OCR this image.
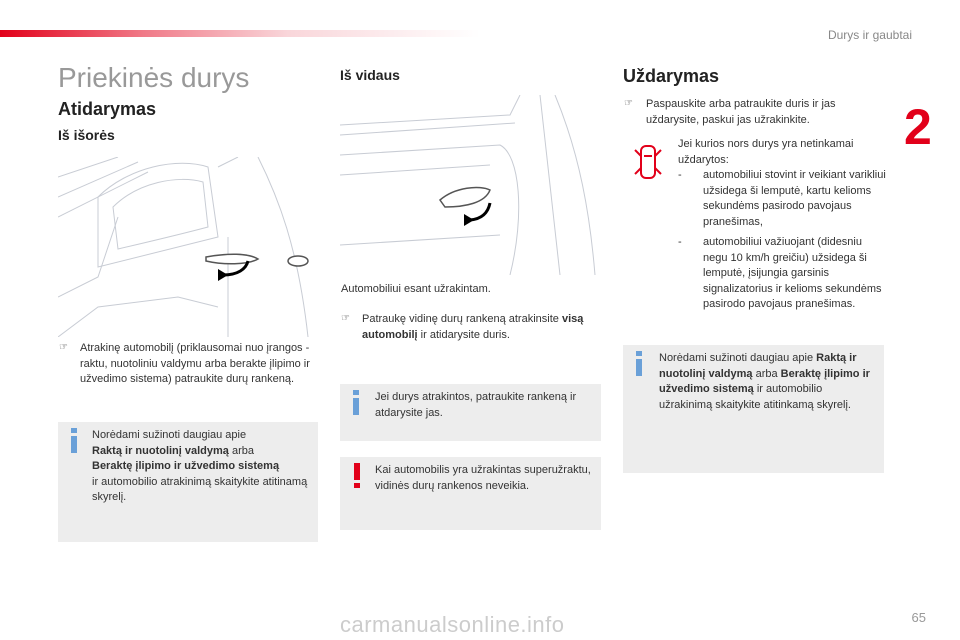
Durys ir gaubtai
2
Priekinės durys
Atidarymas
Iš išorės
☞ Atrakinę automobilį (priklausomai nuo įrangos - raktu, nuotoliniu valdymu arba berakte įlipimo ir užvedimo sistema) patraukite durų rankeną.
Norėdami sužinoti daugiau apie
Raktą ir nuotolinį valdymą arba
Beraktę įlipimo ir užvedimo sistemą
ir automobilio atrakinimą skaitykite atitinamą skyrelį.
Iš vidaus
Automobiliui esant užrakintam.
☞ Patraukę vidinę durų rankeną atrakinsite visą automobilį ir atidarysite duris.
Jei durys atrakintos, patraukite rankeną ir atdarysite jas.
Kai automobilis yra užrakintas superužraktu, vidinės durų rankenos neveikia.
Uždarymas
☞ Paspauskite arba patraukite duris ir jas uždarysite, paskui jas užrakinkite.
Jei kurios nors durys yra netinkamai uždarytos:
- automobiliui stovint ir veikiant varikliui užsidega ši lemputė, kartu kelioms sekundėms pasirodo pavojaus pranešimas,
- automobiliui važiuojant (didesniu negu 10 km/h greičiu) užsidega ši lemputė, įsijungia garsinis signalizatorius ir kelioms sekundėms pasirodo pavojaus pranešimas.
Norėdami sužinoti daugiau apie Raktą ir nuotolinį valdymą arba Beraktę įlipimo ir užvedimo sistemą ir automobilio užrakinimą skaitykite atitinkamą skyrelį.
carmanualsonline.info	65
